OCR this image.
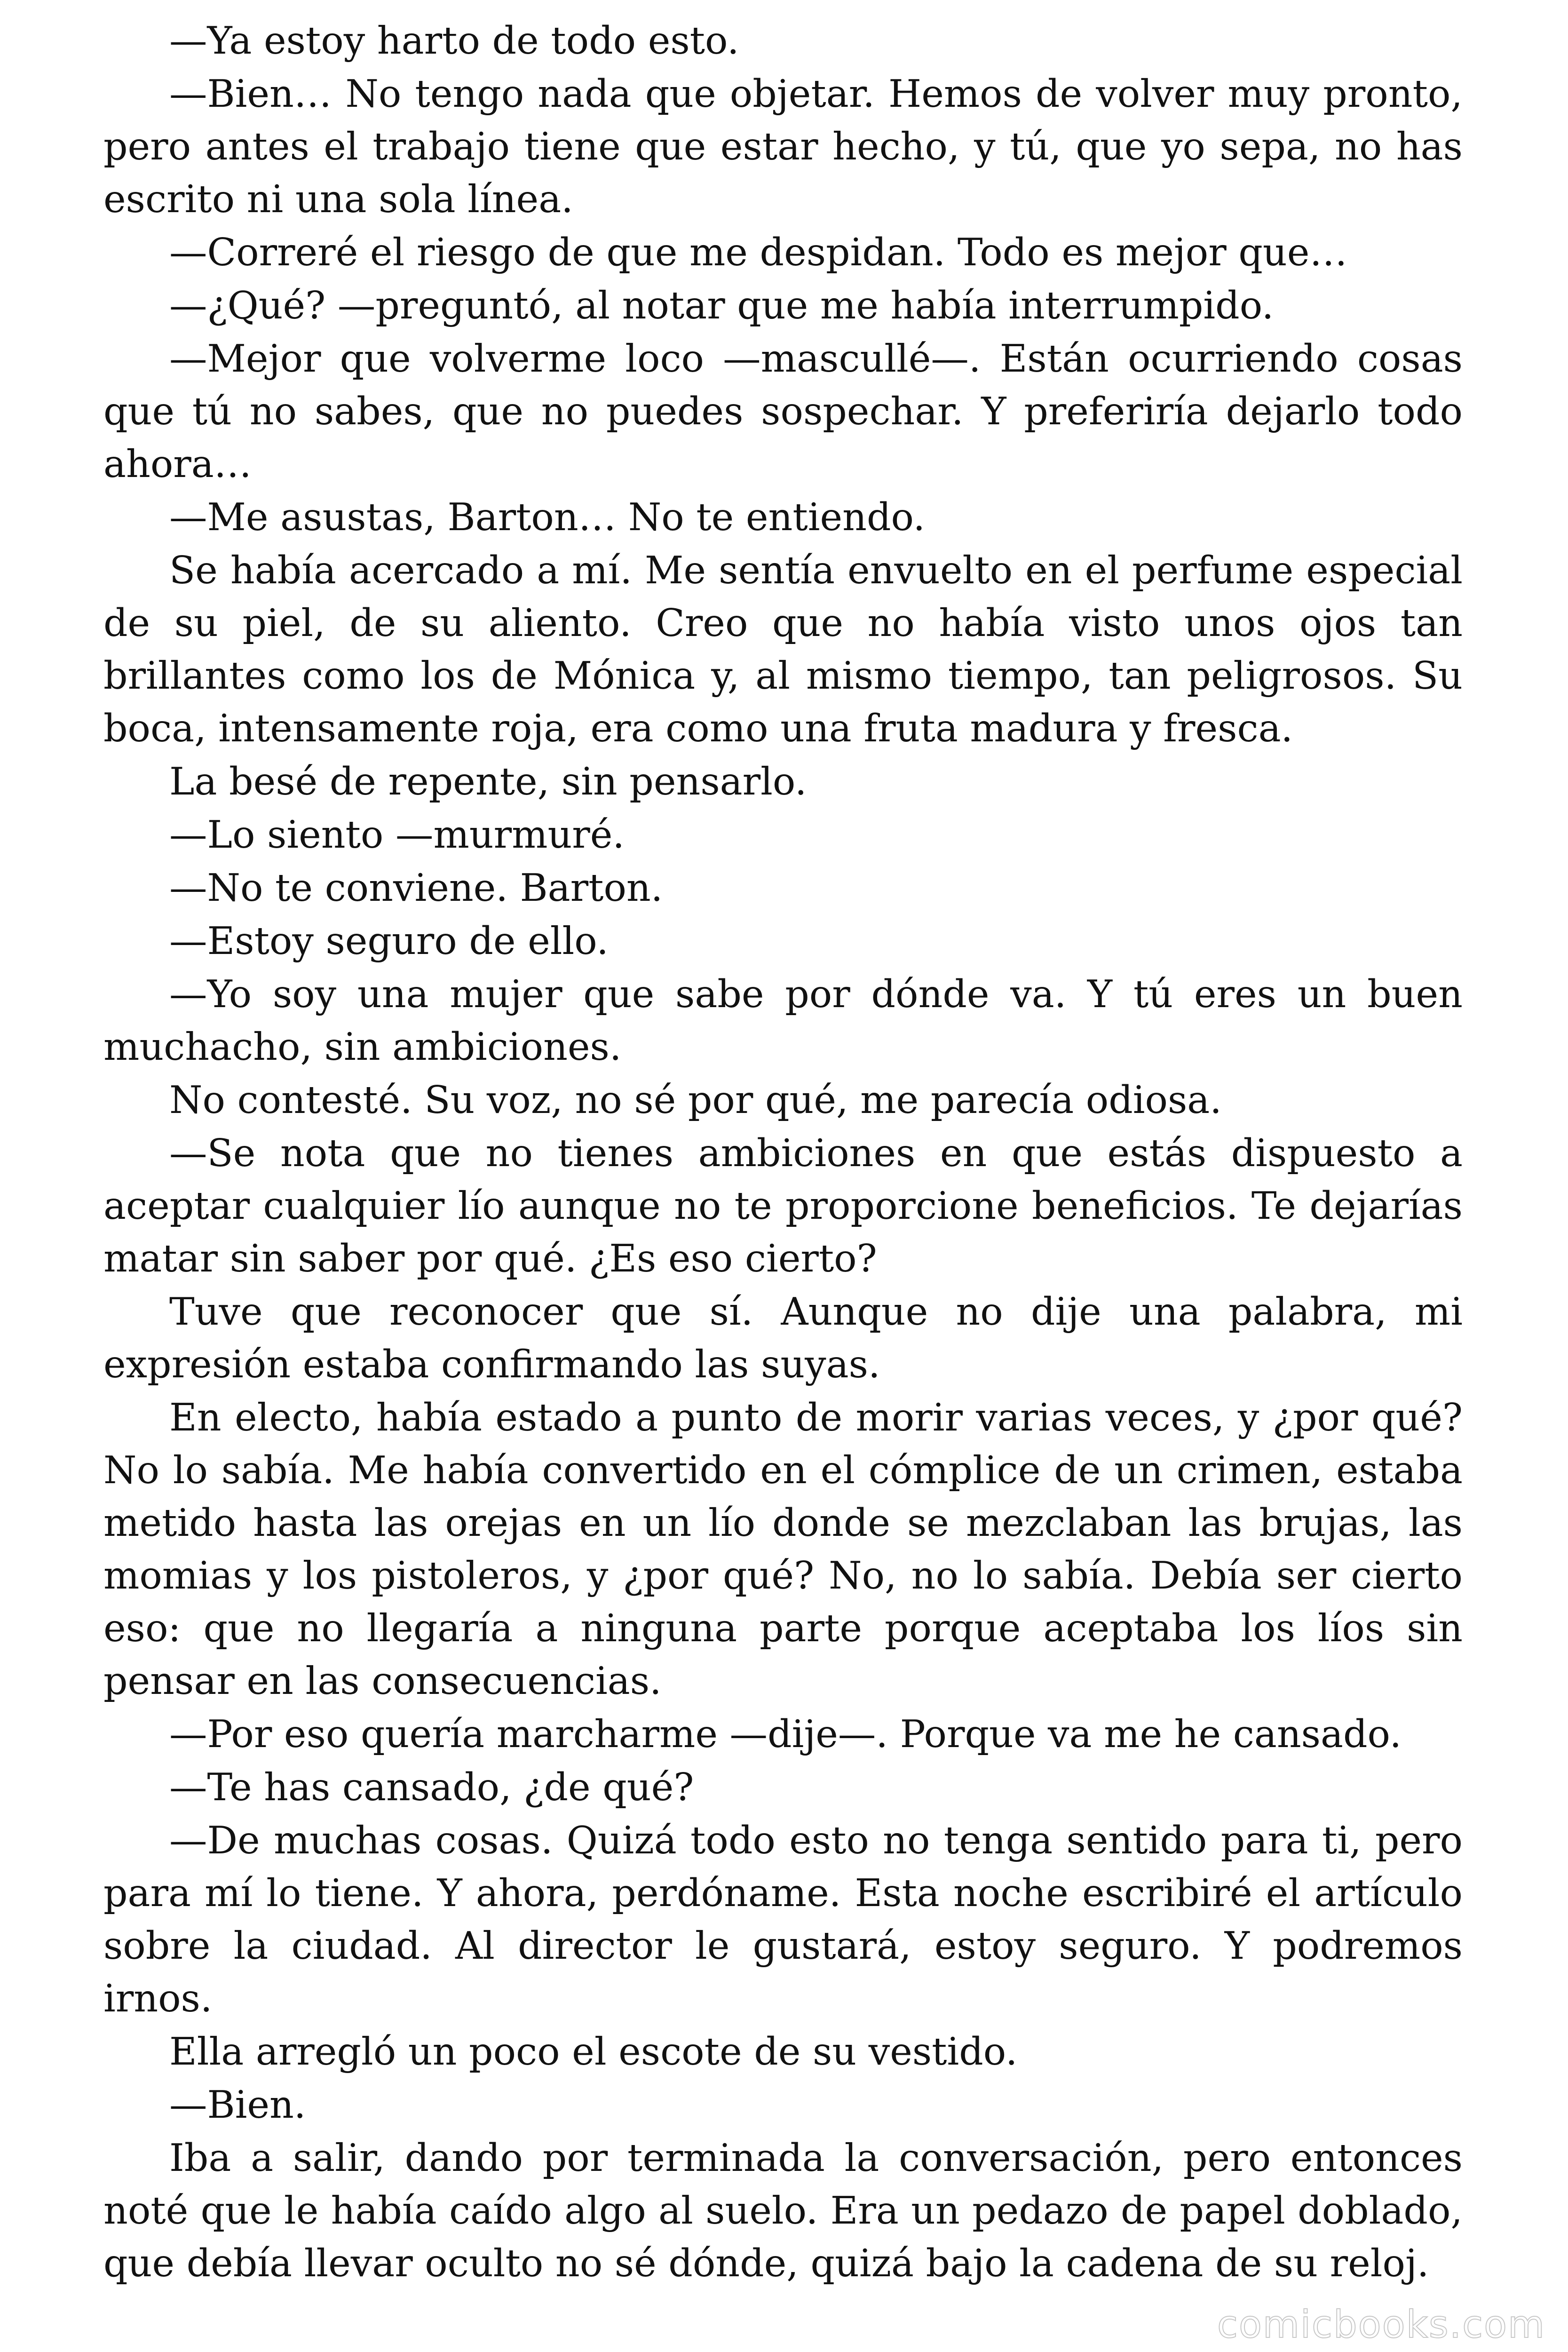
—Ya estoy harto de todo esto.

—Bien… No tengo nada que objetar. Hemos de volver muy pronto, pero antes el trabajo tiene que estar hecho, y tú, que yo sepa, no has escrito ni una sola línea.

—Correré el riesgo de que me despidan. Todo es mejor que…

—¿Qué? —preguntó, al notar que me había interrumpido.

—Mejor que volverme loco —mascullé—. Están ocurriendo cosas que tú no sabes, que no puedes sospechar. Y preferiría dejarlo todo ahora…

—Me asustas, Barton… No te entiendo.

Se había acercado a mí. Me sentía envuelto en el perfume especial de su piel, de su aliento. Creo que no había visto unos ojos tan brillantes como los de Mónica y, al mismo tiempo, tan peligrosos. Su boca, intensamente roja, era como una fruta madura y fresca.

La besé de repente, sin pensarlo.

—Lo siento —murmuré.

—No te conviene. Barton.

—Estoy seguro de ello.

—Yo soy una mujer que sabe por dónde va. Y tú eres un buen muchacho, sin ambiciones.

No contesté. Su voz, no sé por qué, me parecía odiosa.

—Se nota que no tienes ambiciones en que estás dispuesto a aceptar cualquier lío aunque no te proporcione beneficios. Te dejarías matar sin saber por qué. ¿Es eso cierto?

Tuve que reconocer que sí. Aunque no dije una palabra, mi expresión estaba confirmando las suyas.

En electo, había estado a punto de morir varias veces, y ¿por qué? No lo sabía. Me había convertido en el cómplice de un crimen, estaba metido hasta las orejas en un lío donde se mezclaban las brujas, las momias y los pistoleros, y ¿por qué? No, no lo sabía. Debía ser cierto eso: que no llegaría a ninguna parte porque aceptaba los líos sin pensar en las consecuencias.

—Por eso quería marcharme —dije—. Porque va me he cansado.

—Te has cansado, ¿de qué?

—De muchas cosas. Quizá todo esto no tenga sentido para ti, pero para mí lo tiene. Y ahora, perdóname. Esta noche escribiré el artículo sobre la ciudad. Al director le gustará, estoy seguro. Y podremos irnos.

Ella arregló un poco el escote de su vestido.

—Bien.

Iba a salir, dando por terminada la conversación, pero entonces noté que le había caído algo al suelo. Era un pedazo de papel doblado, que debía llevar oculto no sé dónde, quizá bajo la cadena de su reloj.

comicbooks.com
